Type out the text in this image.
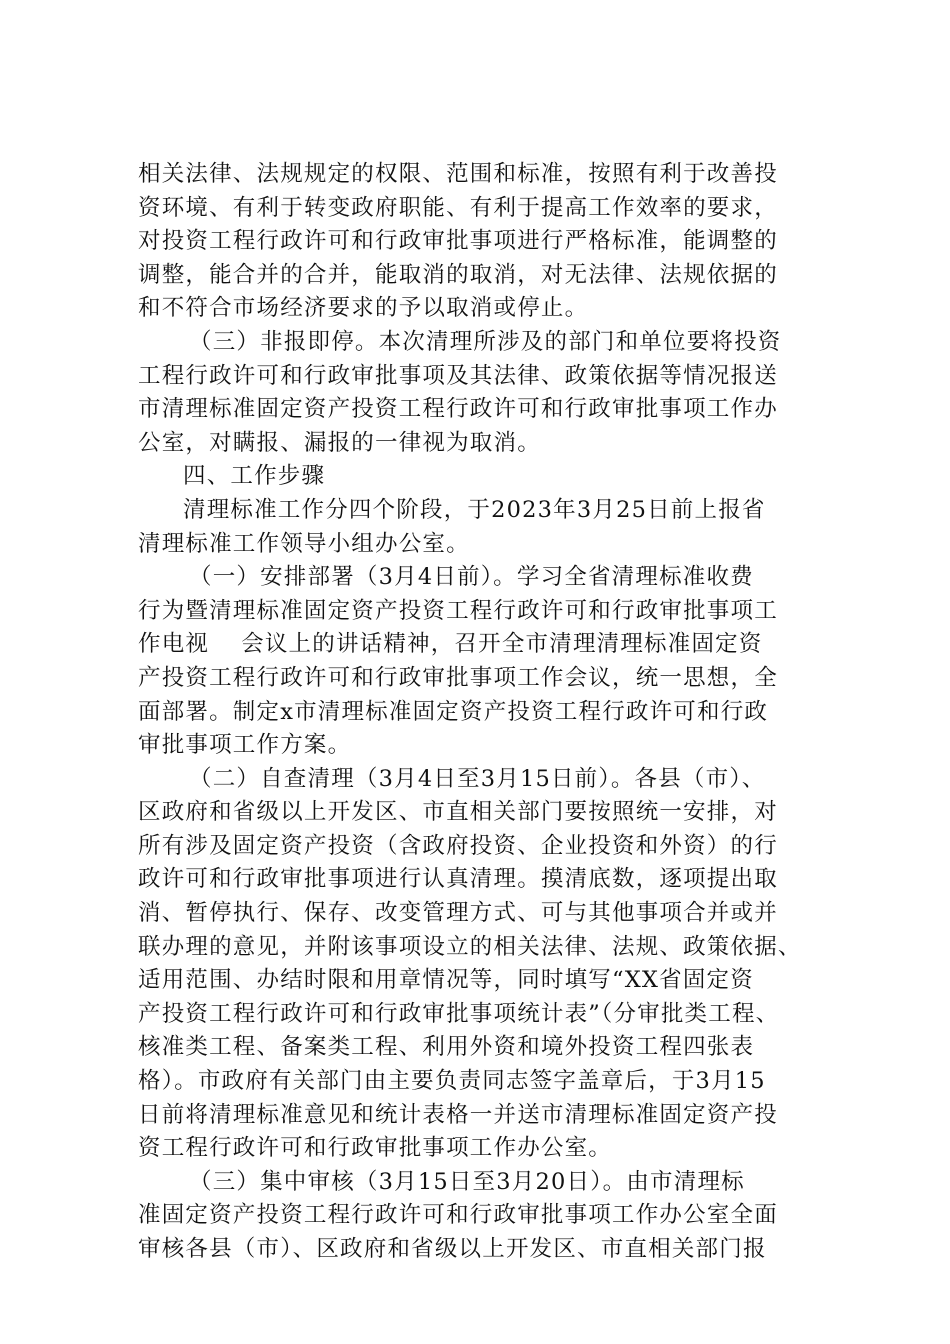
相关法律、法规规定的权限、范围和标准，按照有利于改善投
资环境、有利于转变政府职能、有利于提高工作效率的要求，
对投资工程行政许可和行政审批事项进行严格标准，能调整的
调整，能合并的合并，能取消的取消，对无法律、法规依据的
和不符合市场经济要求的予以取消或停止。
（三）非报即停。本次清理所涉及的部门和单位要将投资
工程行政许可和行政审批事项及其法律、政策依据等情况报送
市清理标准固定资产投资工程行政许可和行政审批事项工作办
公室，对瞒报、漏报的一律视为取消。
四、工作步骤
清理标准工作分四个阶段，于2023年3月25日前上报省
清理标准工作领导小组办公室。
（一）安排部署（3月4日前）。学习全省清理标准收费
行为暨清理标准固定资产投资工程行政许可和行政审批事项工
作电视　 会议上的讲话精神，召开全市清理清理标准固定资
产投资工程行政许可和行政审批事项工作会议，统一思想，全
面部署。制定x市清理标准固定资产投资工程行政许可和行政
审批事项工作方案。
（二）自查清理（3月4日至3月15日前）。各县（市）、
区政府和省级以上开发区、市直相关部门要按照统一安排，对
所有涉及固定资产投资（含政府投资、企业投资和外资）的行
政许可和行政审批事项进行认真清理。摸清底数，逐项提出取
消、暂停执行、保存、改变管理方式、可与其他事项合并或并
联办理的意见，并附该事项设立的相关法律、法规、政策依据、
适用范围、办结时限和用章情况等，同时填写“XX省固定资
产投资工程行政许可和行政审批事项统计表”（分审批类工程、
核准类工程、备案类工程、利用外资和境外投资工程四张表
格）。市政府有关部门由主要负责同志签字盖章后，于3月15
日前将清理标准意见和统计表格一并送市清理标准固定资产投
资工程行政许可和行政审批事项工作办公室。
（三）集中审核（3月15日至3月20日）。由市清理标
准固定资产投资工程行政许可和行政审批事项工作办公室全面
审核各县（市）、区政府和省级以上开发区、市直相关部门报
